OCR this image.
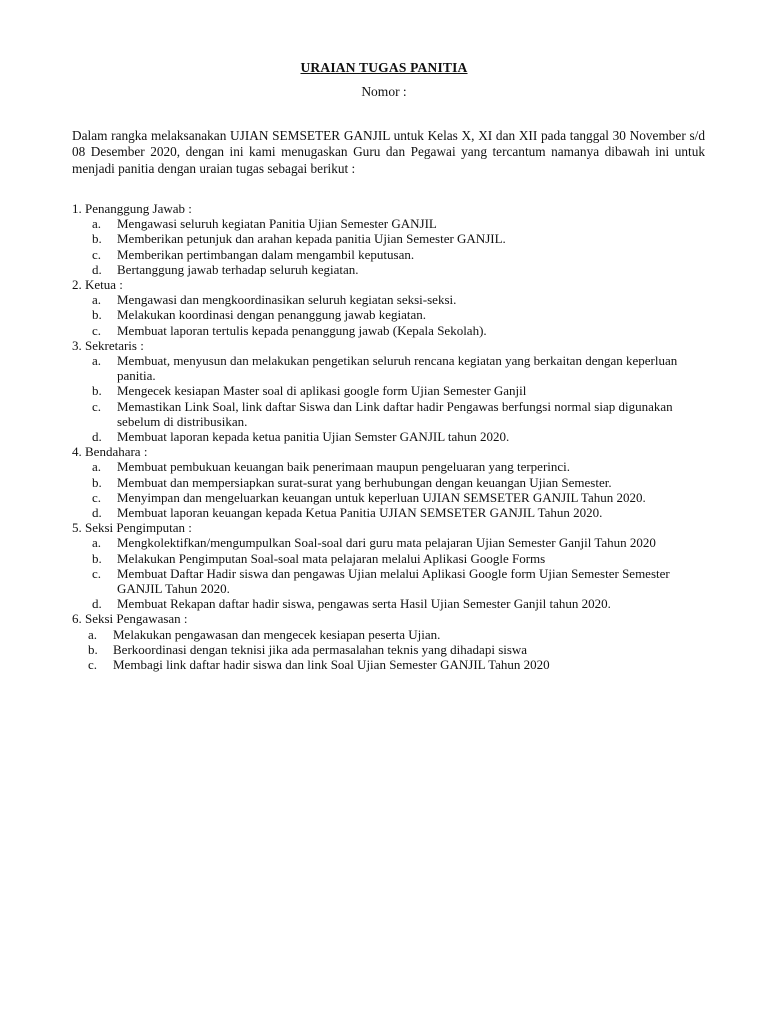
URAIAN TUGAS PANITIA
Nomor :
Dalam rangka melaksanakan UJIAN SEMSETER GANJIL untuk Kelas X, XI dan XII pada tanggal 30 November s/d 08 Desember 2020, dengan ini kami menugaskan Guru dan Pegawai yang tercantum namanya dibawah ini untuk menjadi panitia dengan uraian tugas sebagai berikut :
1. Penanggung Jawab :
a.	Mengawasi seluruh kegiatan Panitia Ujian Semester GANJIL
b.	Memberikan petunjuk dan arahan kepada panitia Ujian Semester GANJIL.
c.	Memberikan pertimbangan dalam mengambil keputusan.
d.	Bertanggung jawab terhadap seluruh kegiatan.
2. Ketua :
a.	Mengawasi dan mengkoordinasikan seluruh kegiatan seksi-seksi.
b.	Melakukan koordinasi dengan penanggung jawab kegiatan.
c.	Membuat laporan tertulis kepada penanggung jawab (Kepala Sekolah).
3. Sekretaris :
a.	Membuat, menyusun dan melakukan pengetikan seluruh rencana kegiatan yang berkaitan dengan keperluan panitia.
b.	Mengecek kesiapan Master soal di aplikasi google form Ujian Semester Ganjil
c.	Memastikan Link Soal, link daftar Siswa dan Link daftar hadir Pengawas berfungsi normal siap digunakan sebelum di distribusikan.
d.	Membuat laporan kepada ketua panitia Ujian Semster GANJIL tahun 2020.
4. Bendahara :
a.	Membuat pembukuan keuangan baik penerimaan maupun pengeluaran yang terperinci.
b.	Membuat dan mempersiapkan surat-surat yang berhubungan dengan keuangan Ujian Semester.
c.	Menyimpan dan mengeluarkan keuangan untuk keperluan UJIAN SEMSETER GANJIL Tahun 2020.
d.	Membuat laporan keuangan kepada Ketua Panitia UJIAN SEMSETER GANJIL Tahun 2020.
5. Seksi Pengimputan :
a.	Mengkolektifkan/mengumpulkan Soal-soal dari guru mata pelajaran Ujian Semester Ganjil Tahun 2020
b.	Melakukan Pengimputan Soal-soal mata pelajaran melalui Aplikasi Google Forms
c.	Membuat Daftar Hadir siswa dan pengawas Ujian melalui Aplikasi Google form Ujian Semester Semester GANJIL Tahun 2020.
d.	Membuat Rekapan daftar hadir siswa, pengawas serta Hasil Ujian Semester Ganjil tahun 2020.
6. Seksi Pengawasan :
a.	Melakukan pengawasan dan mengecek kesiapan peserta Ujian.
b.	Berkoordinasi dengan teknisi jika ada permasalahan teknis yang dihadapi siswa
c.	Membagi link daftar hadir siswa dan link Soal Ujian Semester GANJIL Tahun 2020
